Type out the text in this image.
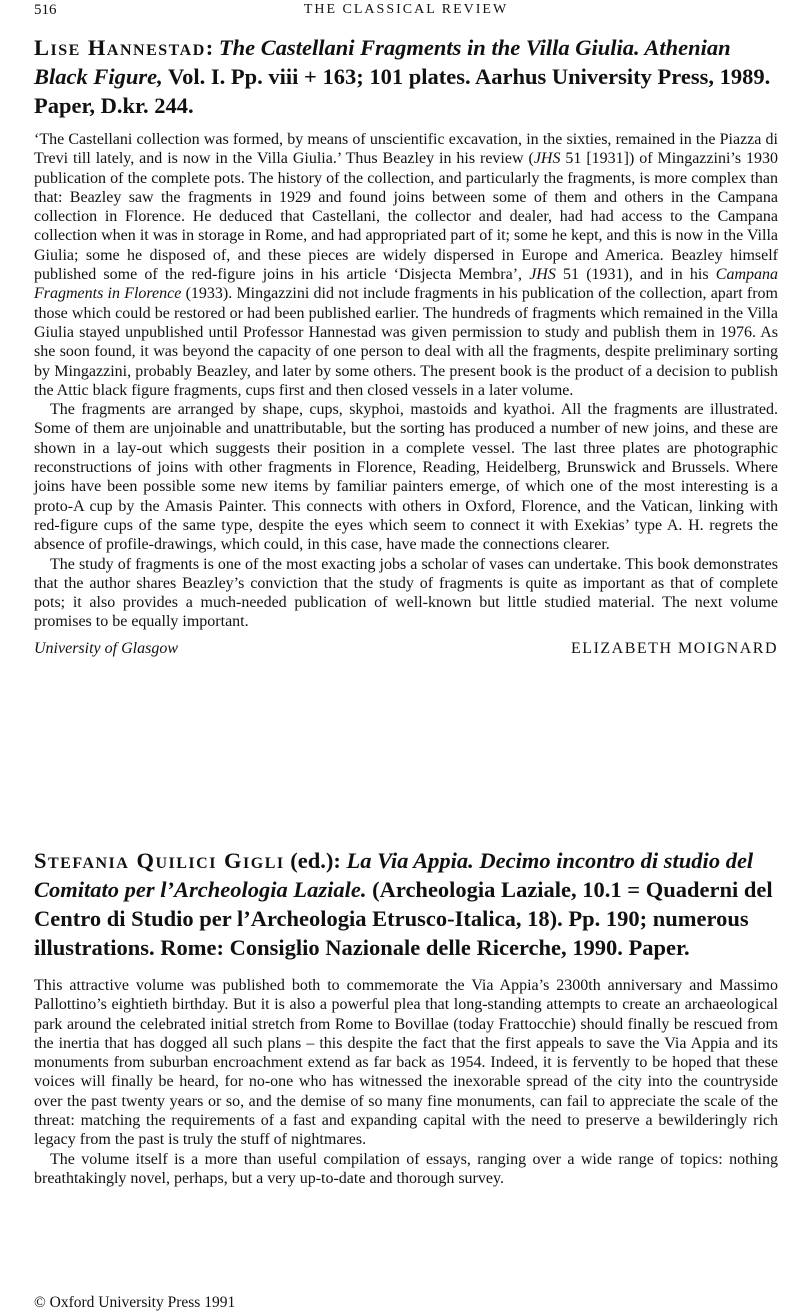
516	THE CLASSICAL REVIEW
Lise Hannestad: The Castellani Fragments in the Villa Giulia. Athenian Black Figure, Vol. I. Pp. viii + 163; 101 plates. Aarhus University Press, 1989. Paper, D.kr. 244.

‘The Castellani collection was formed, by means of unscientific excavation, in the sixties, remained in the Piazza di Trevi till lately, and is now in the Villa Giulia.’ Thus Beazley in his review (JHS 51 [1931]) of Mingazzini’s 1930 publication of the complete pots. The history of the collection, and particularly the fragments, is more complex than that: Beazley saw the fragments in 1929 and found joins between some of them and others in the Campana collection in Florence. He deduced that Castellani, the collector and dealer, had had access to the Campana collection when it was in storage in Rome, and had appropriated part of it; some he kept, and this is now in the Villa Giulia; some he disposed of, and these pieces are widely dispersed in Europe and America. Beazley himself published some of the red-figure joins in his article ‘Disjecta Membra’, JHS 51 (1931), and in his Campana Fragments in Florence (1933). Mingazzini did not include fragments in his publication of the collection, apart from those which could be restored or had been published earlier. The hundreds of fragments which remained in the Villa Giulia stayed unpublished until Professor Hannestad was given permission to study and publish them in 1976. As she soon found, it was beyond the capacity of one person to deal with all the fragments, despite preliminary sorting by Mingazzini, probably Beazley, and later by some others. The present book is the product of a decision to publish the Attic black figure fragments, cups first and then closed vessels in a later volume.

The fragments are arranged by shape, cups, skyphoi, mastoids and kyathoi. All the fragments are illustrated. Some of them are unjoinable and unattributable, but the sorting has produced a number of new joins, and these are shown in a lay-out which suggests their position in a complete vessel. The last three plates are photographic reconstructions of joins with other fragments in Florence, Reading, Heidelberg, Brunswick and Brussels. Where joins have been possible some new items by familiar painters emerge, of which one of the most interesting is a proto-A cup by the Amasis Painter. This connects with others in Oxford, Florence, and the Vatican, linking with red-figure cups of the same type, despite the eyes which seem to connect it with Exekias’ type A. H. regrets the absence of profile-drawings, which could, in this case, have made the connections clearer.

The study of fragments is one of the most exacting jobs a scholar of vases can undertake. This book demonstrates that the author shares Beazley’s conviction that the study of fragments is quite as important as that of complete pots; it also provides a much-needed publication of well-known but little studied material. The next volume promises to be equally important.

University of Glasgow	ELIZABETH MOIGNARD
Stefania Quilici Gigli (ed.): La Via Appia. Decimo incontro di studio del Comitato per l’Archeologia Laziale. (Archeologia Laziale, 10.1 = Quaderni del Centro di Studio per l’Archeologia Etrusco-Italica, 18). Pp. 190; numerous illustrations. Rome: Consiglio Nazionale delle Ricerche, 1990. Paper.

This attractive volume was published both to commemorate the Via Appia’s 2300th anniversary and Massimo Pallottino’s eightieth birthday. But it is also a powerful plea that long-standing attempts to create an archaeological park around the celebrated initial stretch from Rome to Bovillae (today Frattocchie) should finally be rescued from the inertia that has dogged all such plans – this despite the fact that the first appeals to save the Via Appia and its monuments from suburban encroachment extend as far back as 1954. Indeed, it is fervently to be hoped that these voices will finally be heard, for no-one who has witnessed the inexorable spread of the city into the countryside over the past twenty years or so, and the demise of so many fine monuments, can fail to appreciate the scale of the threat: matching the requirements of a fast and expanding capital with the need to preserve a bewilderingly rich legacy from the past is truly the stuff of nightmares.

The volume itself is a more than useful compilation of essays, ranging over a wide range of topics: nothing breathtakingly novel, perhaps, but a very up-to-date and thorough survey.

© Oxford University Press 1991
